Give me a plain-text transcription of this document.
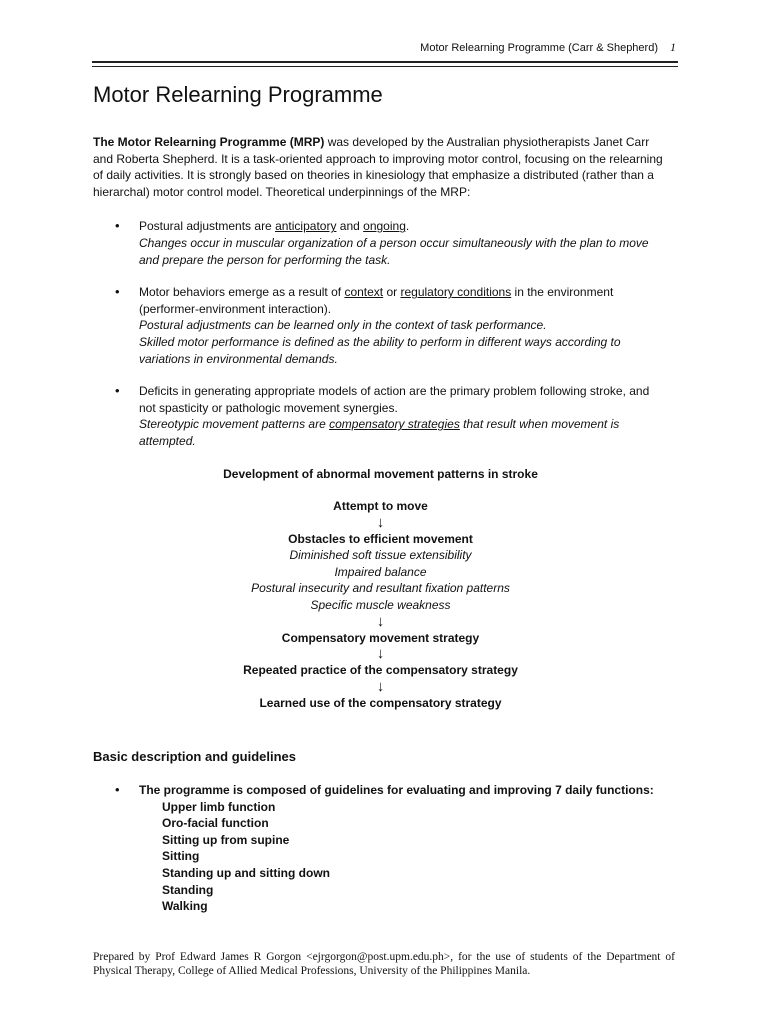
Motor Relearning Programme (Carr & Shepherd) 1
Motor Relearning Programme

The Motor Relearning Programme (MRP) was developed by the Australian physiotherapists Janet Carr and Roberta Shepherd. It is a task-oriented approach to improving motor control, focusing on the relearning of daily activities. It is strongly based on theories in kinesiology that emphasize a distributed (rather than a hierarchal) motor control model. Theoretical underpinnings of the MRP:

• Postural adjustments are anticipatory and ongoing.
Changes occur in muscular organization of a person occur simultaneously with the plan to move and prepare the person for performing the task.
• Motor behaviors emerge as a result of context or regulatory conditions in the environment (performer-environment interaction).
Postural adjustments can be learned only in the context of task performance.
Skilled motor performance is defined as the ability to perform in different ways according to variations in environmental demands.
• Deficits in generating appropriate models of action are the primary problem following stroke, and not spasticity or pathologic movement synergies.
Stereotypic movement patterns are compensatory strategies that result when movement is attempted.
Development of abnormal movement patterns in stroke
Attempt to move
↓
Obstacles to efficient movement
Diminished soft tissue extensibility
Impaired balance
Postural insecurity and resultant fixation patterns
Specific muscle weakness
↓
Compensatory movement strategy
↓
Repeated practice of the compensatory strategy
↓
Learned use of the compensatory strategy
Basic description and guidelines
• The programme is composed of guidelines for evaluating and improving 7 daily functions:
Upper limb function
Oro-facial function
Sitting up from supine
Sitting
Standing up and sitting down
Standing
Walking
Prepared by Prof Edward James R Gorgon <ejrgorgon@post.upm.edu.ph>, for the use of students of the Department of Physical Therapy, College of Allied Medical Professions, University of the Philippines Manila.
